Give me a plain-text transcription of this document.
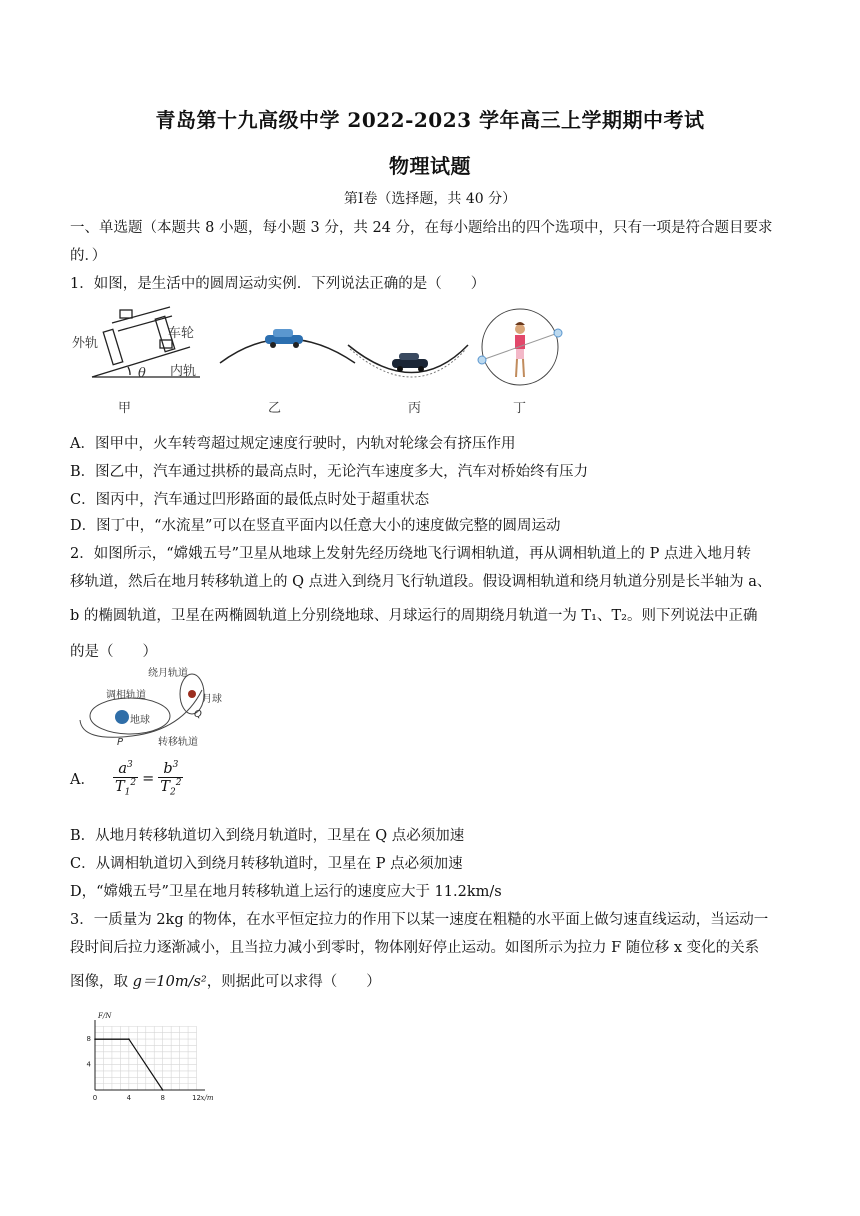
青岛第十九高级中学 2022-2023 学年高三上学期期中考试
物理试题
第Ⅰ卷（选择题，共 40 分）
一、单选题（本题共 8 小题，每小题 3 分，共 24 分，在每小题给出的四个选项中，只有一项是符合题目要求
的．）
1．如图，是生活中的圆周运动实例．下列说法正确的是（　　）
外轨
车轮
内轨
θ
甲	乙	丙	丁
A．图甲中，火车转弯超过规定速度行驶时，内轨对轮缘会有挤压作用
B．图乙中，汽车通过拱桥的最高点时，无论汽车速度多大，汽车对桥始终有压力
C．图丙中，汽车通过凹形路面的最低点时处于超重状态
D．图丁中，“水流星”可以在竖直平面内以任意大小的速度做完整的圆周运动
2．如图所示，“嫦娥五号”卫星从地球上发射先经历绕地飞行调相轨道，再从调相轨道上的 P 点进入地月转
移轨道，然后在地月转移轨道上的 Q 点进入到绕月飞行轨道段。假设调相轨道和绕月轨道分别是长半轴为 a、
b 的椭圆轨道，卫星在两椭圆轨道上分别绕地球、月球运行的周期绕月轨道一为 T₁、T₂。则下列说法中正确
的是（　　）
绕月轨道
月球
调相轨道
地球
Q
P	转移轨道
A． $\frac{a^3}{T_1^2} = \frac{b^3}{T_2^2}$
B．从地月转移轨道切入到绕月轨道时，卫星在 Q 点必须加速
C．从调相轨道切入到绕月转移轨道时，卫星在 P 点必须加速
D，“嫦娥五号”卫星在地月转移轨道上运行的速度应大于 11.2km/s
3．一质量为 2kg 的物体，在水平恒定拉力的作用下以某一速度在粗糙的水平面上做匀速直线运动，当运动一
段时间后拉力逐渐减小，且当拉力减小到零时，物体刚好停止运动。如图所示为拉力 F 随位移 x 变化的关系
图像，取 g＝10m/s²，则据此可以求得（　　）
0	4	8	12
4
8
x/m
F/N
